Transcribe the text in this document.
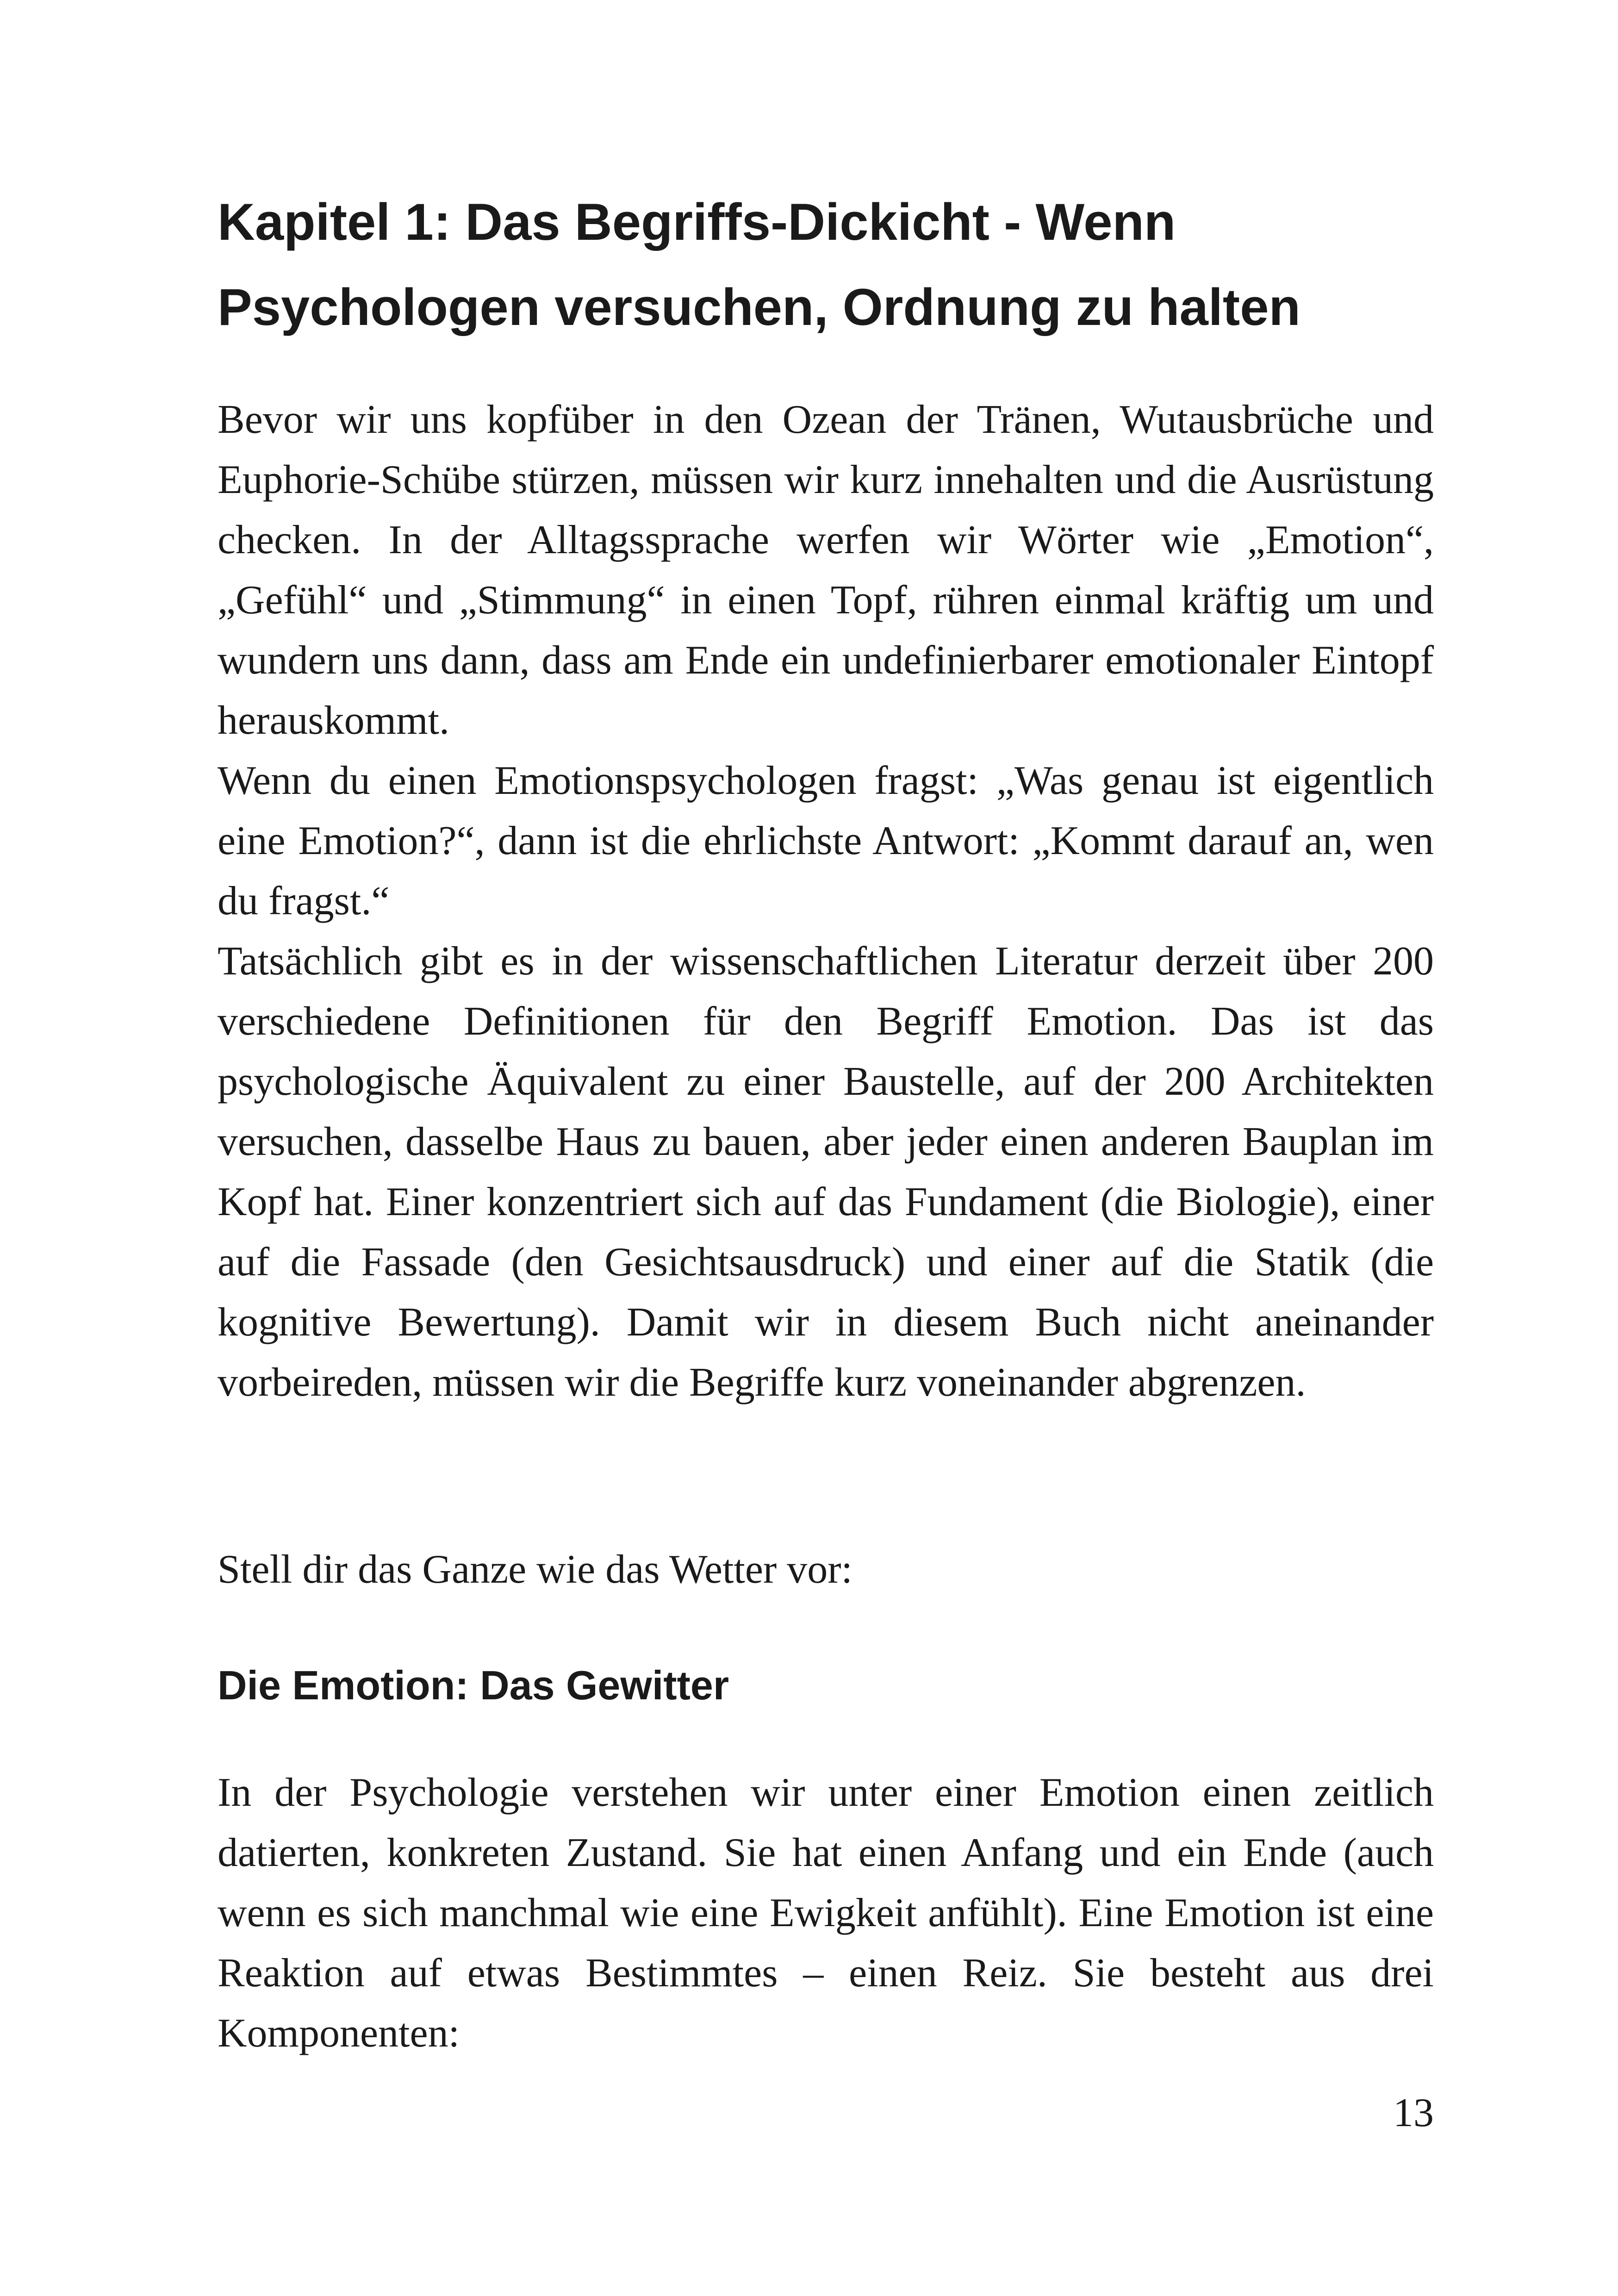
Kapitel 1: Das Begriffs-Dickicht - Wenn Psychologen versuchen, Ordnung zu halten

Bevor wir uns kopfüber in den Ozean der Tränen, Wutausbrüche und Euphorie-Schübe stürzen, müssen wir kurz innehalten und die Ausrüstung checken. In der Alltagssprache werfen wir Wörter wie „Emotion“, „Gefühl“ und „Stimmung“ in einen Topf, rühren einmal kräftig um und wundern uns dann, dass am Ende ein undefinierbarer emotionaler Eintopf herauskommt.

Wenn du einen Emotionspsychologen fragst: „Was genau ist eigentlich eine Emotion?“, dann ist die ehrlichste Antwort: „Kommt darauf an, wen du fragst.“

Tatsächlich gibt es in der wissenschaftlichen Literatur derzeit über 200 verschiedene Definitionen für den Begriff Emotion. Das ist das psychologische Äquivalent zu einer Baustelle, auf der 200 Architekten versuchen, dasselbe Haus zu bauen, aber jeder einen anderen Bauplan im Kopf hat. Einer konzentriert sich auf das Fundament (die Biologie), einer auf die Fassade (den Gesichtsausdruck) und einer auf die Statik (die kognitive Bewertung). Damit wir in diesem Buch nicht aneinander vorbeireden, müssen wir die Begriffe kurz voneinander abgrenzen.

Stell dir das Ganze wie das Wetter vor:

Die Emotion: Das Gewitter

In der Psychologie verstehen wir unter einer Emotion einen zeitlich datierten, konkreten Zustand. Sie hat einen Anfang und ein Ende (auch wenn es sich manchmal wie eine Ewigkeit anfühlt). Eine Emotion ist eine Reaktion auf etwas Bestimmtes – einen Reiz. Sie besteht aus drei Komponenten:

13
